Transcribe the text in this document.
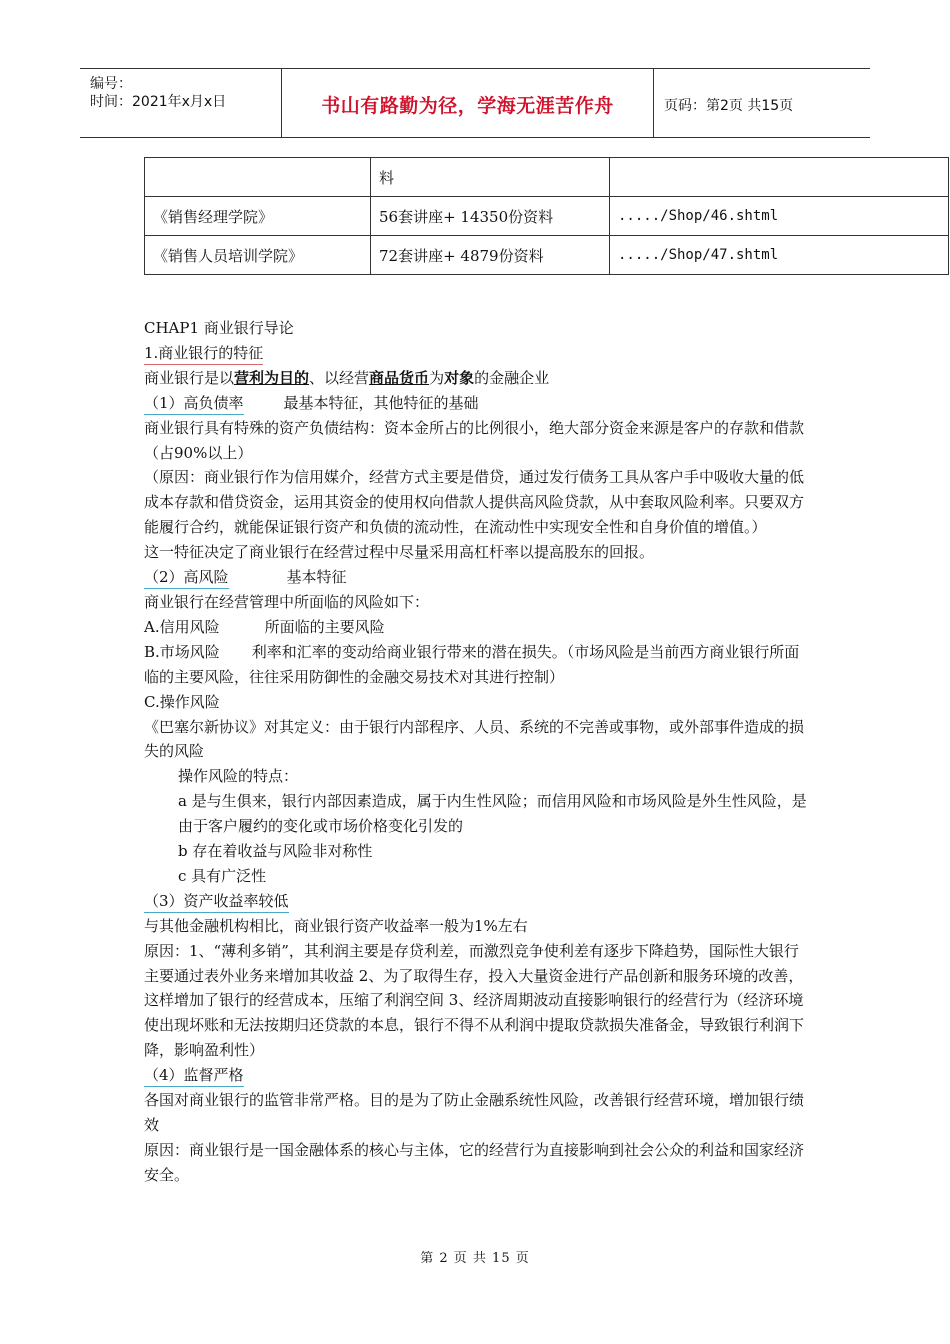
编号：
时间：2021年x月x日	书山有路勤为径，学海无涯苦作舟	页码：第2页 共15页
	料	
《销售经理学院》	56套讲座+ 14350份资料	...../Shop/46.shtml
《销售人员培训学院》	72套讲座+ 4879份资料	...../Shop/47.shtml

CHAP1 商业银行导论

1.商业银行的特征

商业银行是以营利为目的、以经营商品货币为对象的金融企业

（1）高负债率	最基本特征，其他特征的基础

商业银行具有特殊的资产负债结构：资本金所占的比例很小，绝大部分资金来源是客户的存款和借款（占90%以上）

（原因：商业银行作为信用媒介，经营方式主要是借贷，通过发行债务工具从客户手中吸收大量的低成本存款和借贷资金，运用其资金的使用权向借款人提供高风险贷款，从中套取风险利率。只要双方能履行合约，就能保证银行资产和负债的流动性，在流动性中实现安全性和自身价值的增值。）

这一特征决定了商业银行在经营过程中尽量采用高杠杆率以提高股东的回报。

（2）高风险	基本特征

商业银行在经营管理中所面临的风险如下：

A.信用风险	所面临的主要风险

B.市场风险 利率和汇率的变动给商业银行带来的潜在损失。（市场风险是当前西方商业银行所面临的主要风险，往往采用防御性的金融交易技术对其进行控制）

C.操作风险

《巴塞尔新协议》对其定义：由于银行内部程序、人员、系统的不完善或事物，或外部事件造成的损失的风险

操作风险的特点：

a 是与生俱来，银行内部因素造成，属于内生性风险；而信用风险和市场风险是外生性风险，是由于客户履约的变化或市场价格变化引发的

b 存在着收益与风险非对称性

c 具有广泛性

（3）资产收益率较低

与其他金融机构相比，商业银行资产收益率一般为1%左右

原因：1、“薄利多销”，其利润主要是存贷利差，而激烈竞争使利差有逐步下降趋势，国际性大银行主要通过表外业务来增加其收益 2、为了取得生存，投入大量资金进行产品创新和服务环境的改善，这样增加了银行的经营成本，压缩了利润空间 3、经济周期波动直接影响银行的经营行为（经济环境使出现坏账和无法按期归还贷款的本息，银行不得不从利润中提取贷款损失准备金，导致银行利润下降，影响盈利性）

（4）监督严格

各国对商业银行的监管非常严格。目的是为了防止金融系统性风险，改善银行经营环境，增加银行绩效

原因：商业银行是一国金融体系的核心与主体，它的经营行为直接影响到社会公众的利益和国家经济安全。

第 2 页 共 15 页
